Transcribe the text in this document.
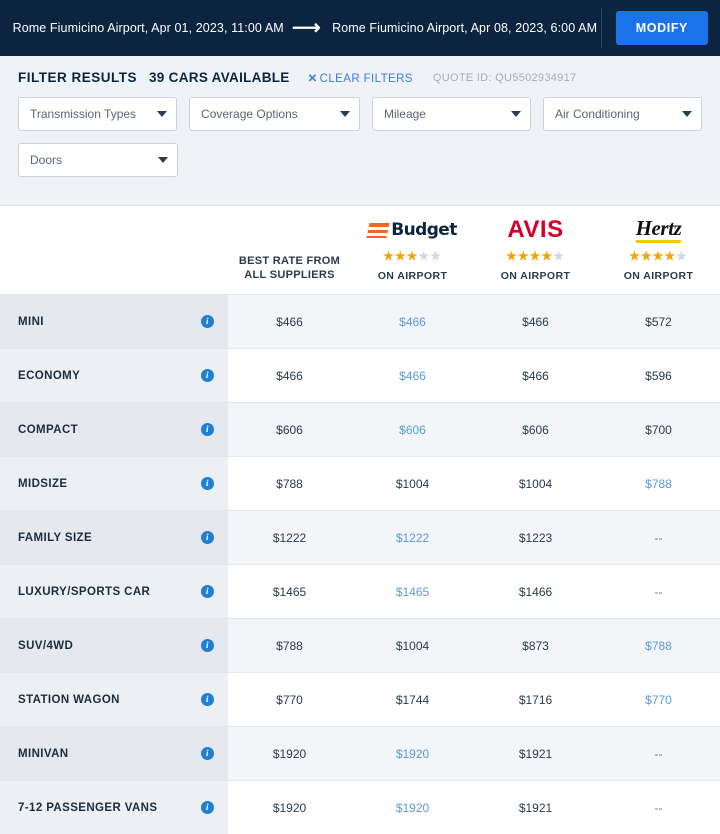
Rome Fiumicino Airport, Apr 01, 2023, 11:00 AM ⟶ Rome Fiumicino Airport, Apr 08, 2023, 6:00 AM	MODIFY
FILTER RESULTS 39 CARS AVAILABLE ✕ CLEAR FILTERS QUOTE ID: QU5502934917
Transmission Types	Coverage Options	Mileage	Air Conditioning
Doors

BEST RATE FROM
ALL SUPPLIERS

Budget
★★★★★
ON AIRPORT

AVIS
★★★★★
ON AIRPORT

Hertz
★★★★★
ON AIRPORT

MINI i	$466	$466	$466	$572

ECONOMY i	$466	$466	$466	$596

COMPACT i	$606	$606	$606	$700

MIDSIZE i	$788	$1004	$1004	$788

FAMILY SIZE i	$1222	$1222	$1223	--

LUXURY/SPORTS CAR i	$1465	$1465	$1466	--

SUV/4WD i	$788	$1004	$873	$788

STATION WAGON i	$770	$1744	$1716	$770

MINIVAN i	$1920	$1920	$1921	--

7-12 PASSENGER VANS i	$1920	$1920	$1921	--
